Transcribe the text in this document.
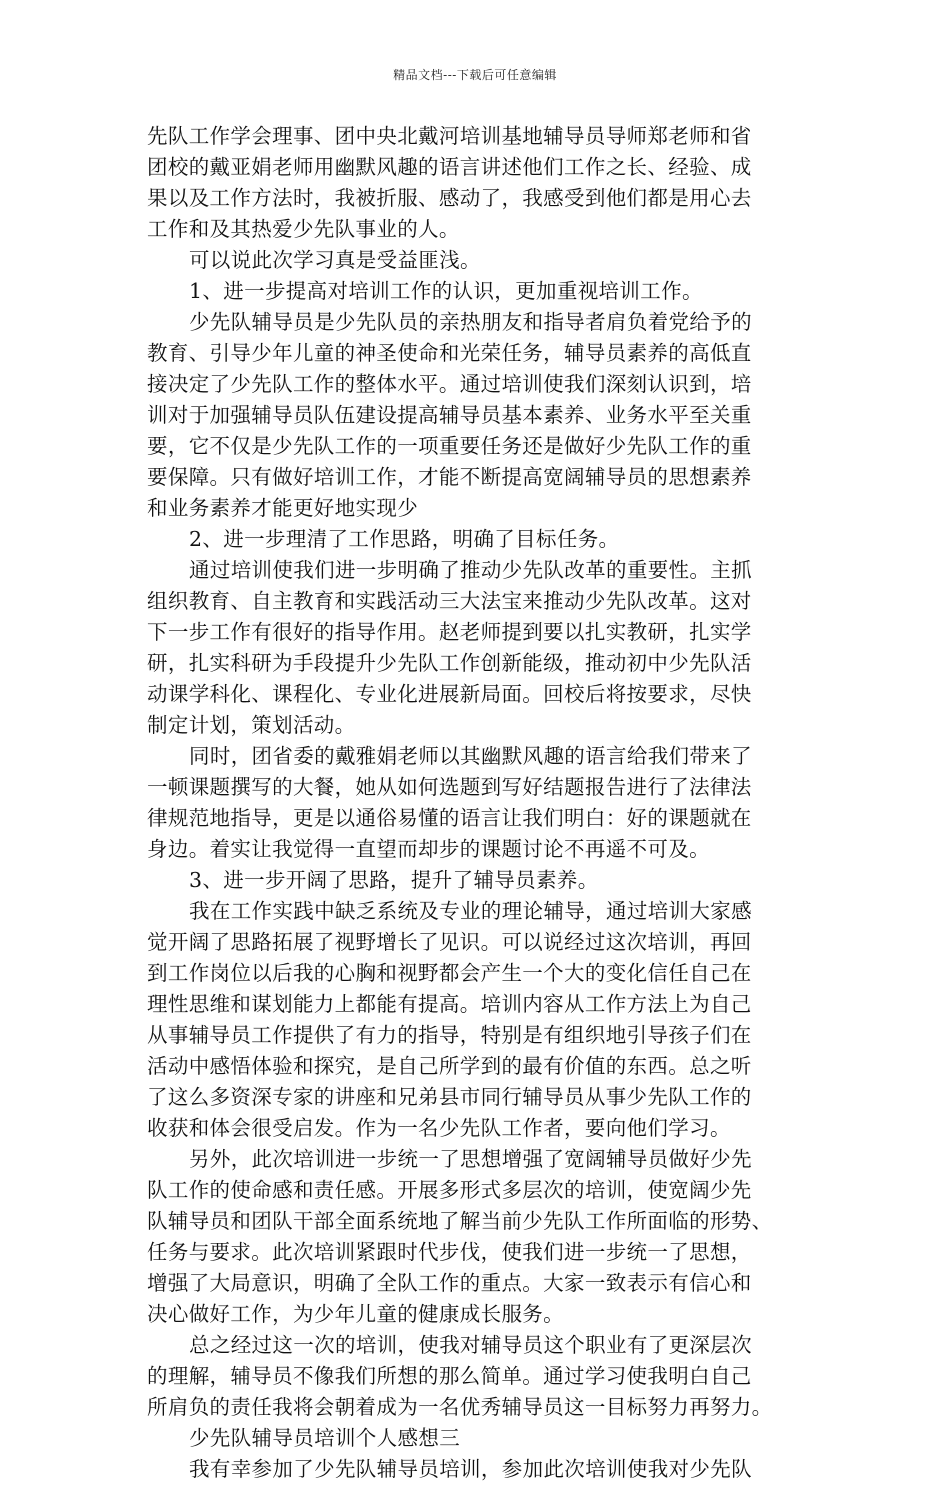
精品文档---下载后可任意编辑
先队工作学会理事、团中央北戴河培训基地辅导员导师郑老师和省
团校的戴亚娟老师用幽默风趣的语言讲述他们工作之长、经验、成
果以及工作方法时，我被折服、感动了，我感受到他们都是用心去
工作和及其热爱少先队事业的人。
可以说此次学习真是受益匪浅。
1、进一步提高对培训工作的认识，更加重视培训工作。
少先队辅导员是少先队员的亲热朋友和指导者肩负着党给予的
教育、引导少年儿童的神圣使命和光荣任务，辅导员素养的高低直
接决定了少先队工作的整体水平。通过培训使我们深刻认识到，培
训对于加强辅导员队伍建设提高辅导员基本素养、业务水平至关重
要，它不仅是少先队工作的一项重要任务还是做好少先队工作的重
要保障。只有做好培训工作，才能不断提高宽阔辅导员的思想素养
和业务素养才能更好地实现少
2、进一步理清了工作思路，明确了目标任务。
通过培训使我们进一步明确了推动少先队改革的重要性。主抓
组织教育、自主教育和实践活动三大法宝来推动少先队改革。这对
下一步工作有很好的指导作用。赵老师提到要以扎实教研，扎实学
研，扎实科研为手段提升少先队工作创新能级，推动初中少先队活
动课学科化、课程化、专业化进展新局面。回校后将按要求，尽快
制定计划，策划活动。
同时，团省委的戴雅娟老师以其幽默风趣的语言给我们带来了
一顿课题撰写的大餐，她从如何选题到写好结题报告进行了法律法
律规范地指导，更是以通俗易懂的语言让我们明白：好的课题就在
身边。着实让我觉得一直望而却步的课题讨论不再遥不可及。
3、进一步开阔了思路，提升了辅导员素养。
我在工作实践中缺乏系统及专业的理论辅导，通过培训大家感
觉开阔了思路拓展了视野增长了见识。可以说经过这次培训，再回
到工作岗位以后我的心胸和视野都会产生一个大的变化信任自己在
理性思维和谋划能力上都能有提高。培训内容从工作方法上为自己
从事辅导员工作提供了有力的指导，特别是有组织地引导孩子们在
活动中感悟体验和探究，是自己所学到的最有价值的东西。总之听
了这么多资深专家的讲座和兄弟县市同行辅导员从事少先队工作的
收获和体会很受启发。作为一名少先队工作者，要向他们学习。
另外，此次培训进一步统一了思想增强了宽阔辅导员做好少先
队工作的使命感和责任感。开展多形式多层次的培训，使宽阔少先
队辅导员和团队干部全面系统地了解当前少先队工作所面临的形势、
任务与要求。此次培训紧跟时代步伐，使我们进一步统一了思想，
增强了大局意识，明确了全队工作的重点。大家一致表示有信心和
决心做好工作，为少年儿童的健康成长服务。
总之经过这一次的培训，使我对辅导员这个职业有了更深层次
的理解，辅导员不像我们所想的那么简单。通过学习使我明白自己
所肩负的责任我将会朝着成为一名优秀辅导员这一目标努力再努力。
少先队辅导员培训个人感想三
我有幸参加了少先队辅导员培训，参加此次培训使我对少先队
